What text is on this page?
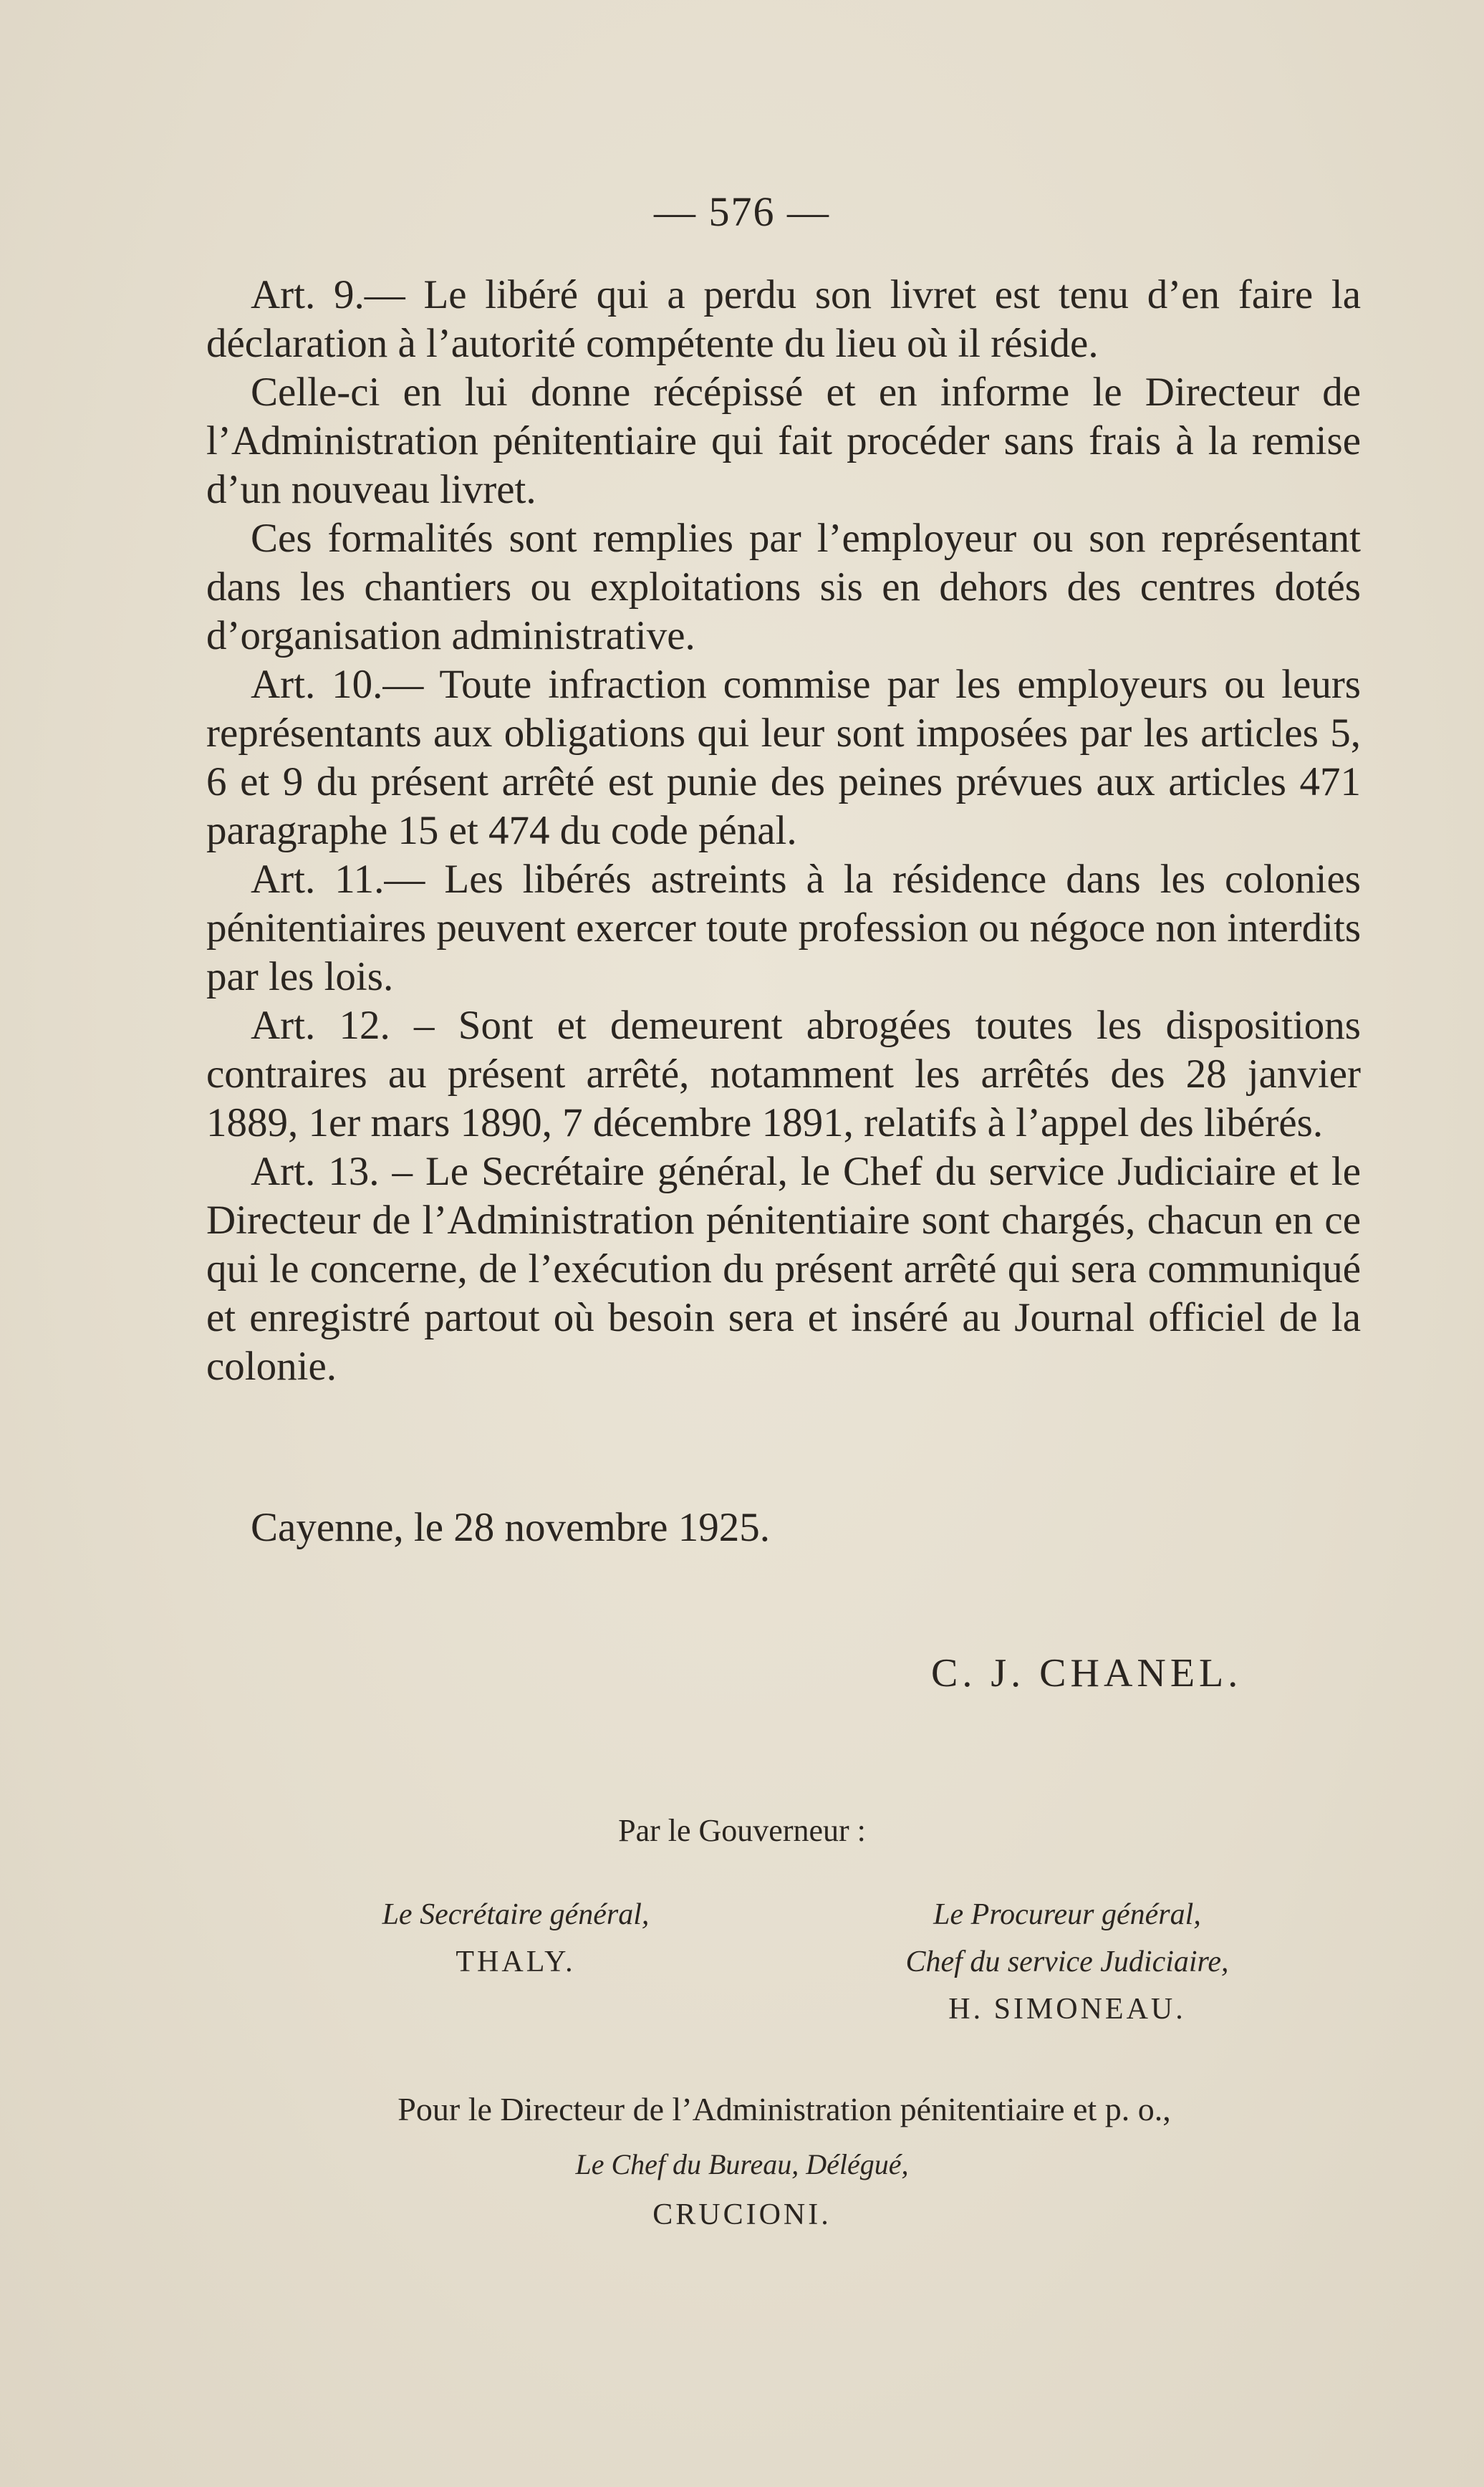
— 576 —

Art. 9.— Le libéré qui a perdu son livret est tenu d’en faire la déclaration à l’autorité compétente du lieu où il réside.

Celle-ci en lui donne récépissé et en informe le Directeur de l’Administration pénitentiaire qui fait procéder sans frais à la remise d’un nouveau livret.

Ces formalités sont remplies par l’employeur ou son représentant dans les chantiers ou exploitations sis en dehors des centres dotés d’organisation administrative.

Art. 10.— Toute infraction commise par les employeurs ou leurs représentants aux obligations qui leur sont imposées par les articles 5, 6 et 9 du présent arrêté est punie des peines prévues aux articles 471 paragraphe 15 et 474 du code pénal.

Art. 11.— Les libérés astreints à la résidence dans les colonies pénitentiaires peuvent exercer toute profession ou négoce non interdits par les lois.

Art. 12. – Sont et demeurent abrogées toutes les dispositions contraires au présent arrêté, notamment les arrêtés des 28 janvier 1889, 1er mars 1890, 7 décembre 1891, relatifs à l’appel des libérés.

Art. 13. – Le Secrétaire général, le Chef du service Judiciaire et le Directeur de l’Administration pénitentiaire sont chargés, chacun en ce qui le concerne, de l’exécution du présent arrêté qui sera communiqué et enregistré partout où besoin sera et inséré au Journal officiel de la colonie.

Cayenne, le 28 novembre 1925.
C. J. CHANEL.
Par le Gouverneur :
Le Secrétaire général,
THALY.
Le Procureur général,
Chef du service Judiciaire,
H. SIMONEAU.
Pour le Directeur de l’Administration pénitentiaire et p. o.,
Le Chef du Bureau, Délégué,
CRUCIONI.
